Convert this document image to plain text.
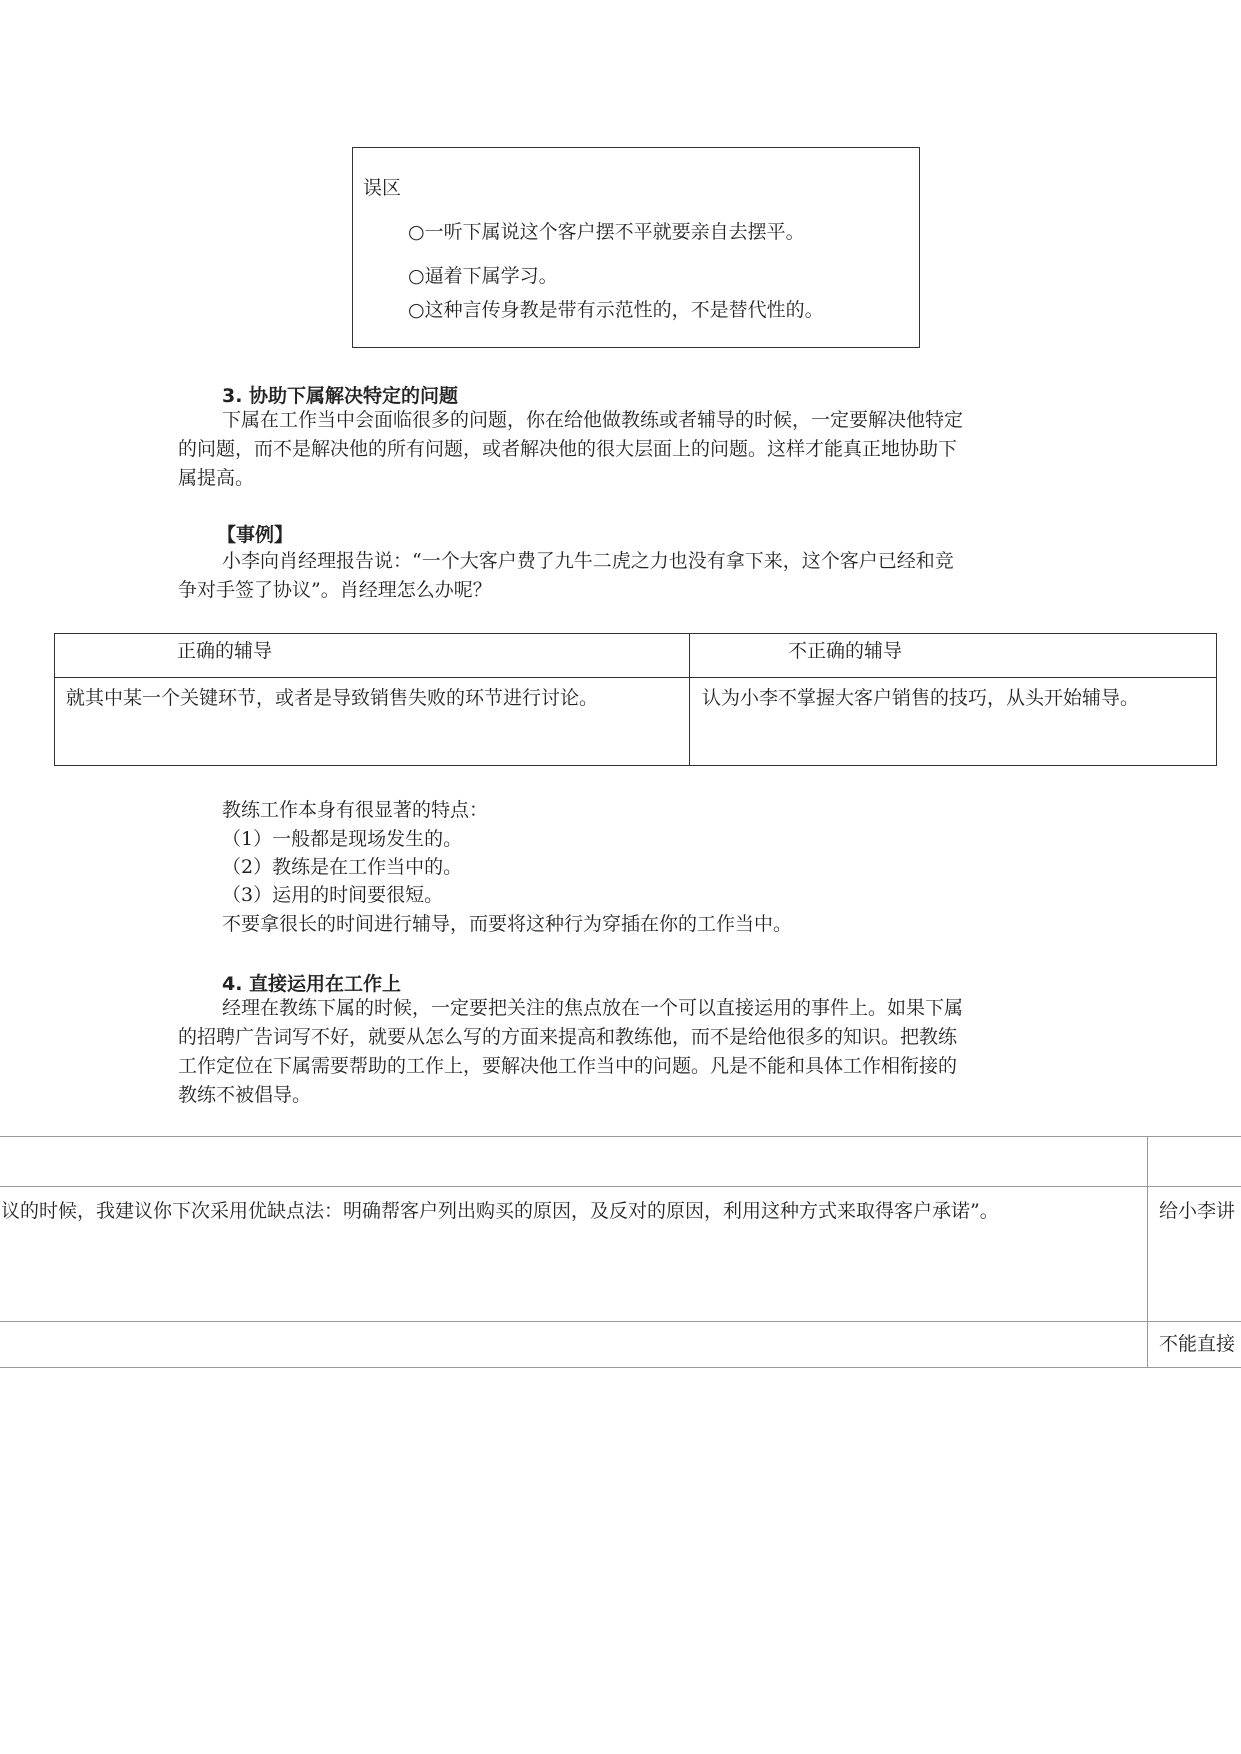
误区
○一听下属说这个客户摆不平就要亲自去摆平。
○逼着下属学习。
○这种言传身教是带有示范性的，不是替代性的。
3. 协助下属解决特定的问题
下属在工作当中会面临很多的问题，你在给他做教练或者辅导的时候，一定要解决他特定
的问题，而不是解决他的所有问题，或者解决他的很大层面上的问题。这样才能真正地协助下
属提高。
【事例】
小李向肖经理报告说：“一个大客户费了九牛二虎之力也没有拿下来，这个客户已经和竞
争对手签了协议”。肖经理怎么办呢？
正确的辅导	不正确的辅导
就其中某一个关键环节，或者是导致销售失败的环节进行讨论。	认为小李不掌握大客户销售的技巧，从头开始辅导。
教练工作本身有很显著的特点：
（1）一般都是现场发生的。
（2）教练是在工作当中的。
（3）运用的时间要很短。
不要拿很长的时间进行辅导，而要将这种行为穿插在你的工作当中。
4. 直接运用在工作上
经理在教练下属的时候，一定要把关注的焦点放在一个可以直接运用的事件上。如果下属
的招聘广告词写不好，就要从怎么写的方面来提高和教练他，而不是给他很多的知识。把教练
工作定位在下属需要帮助的工作上，要解决他工作当中的问题。凡是不能和具体工作相衔接的
教练不被倡导。

议的时候，我建议你下次采用优缺点法：明确帮客户列出购买的原因，及反对的原因，利用这种方式来取得客户承诺”。	给小李讲
	不能直接
